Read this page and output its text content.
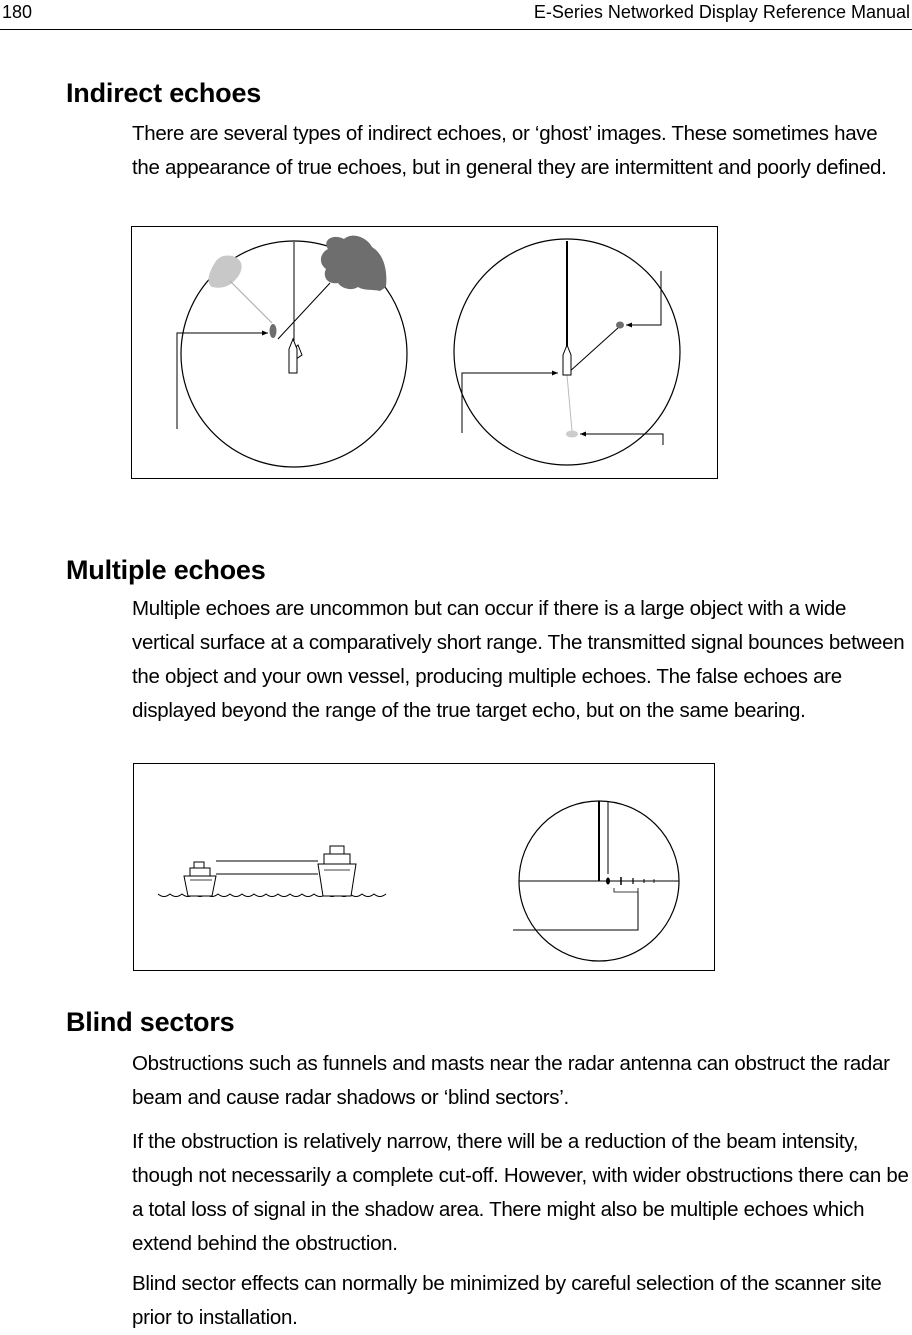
180	E-Series Networked Display Reference Manual
Indirect echoes

There are several types of indirect echoes, or ‘ghost’ images. These sometimes have the appearance of true echoes, but in general they are intermittent and poorly defined.

Multiple echoes

Multiple echoes are uncommon but can occur if there is a large object with a wide vertical surface at a comparatively short range. The transmitted signal bounces between the object and your own vessel, producing multiple echoes. The false echoes are displayed beyond the range of the true target echo, but on the same bearing.

Blind sectors

Obstructions such as funnels and masts near the radar antenna can obstruct the radar beam and cause radar shadows or ‘blind sectors’.

If the obstruction is relatively narrow, there will be a reduction of the beam intensity, though not necessarily a complete cut-off. However, with wider obstructions there can be a total loss of signal in the shadow area. There might also be multiple echoes which extend behind the obstruction.

Blind sector effects can normally be minimized by careful selection of the scanner site prior to installation.
